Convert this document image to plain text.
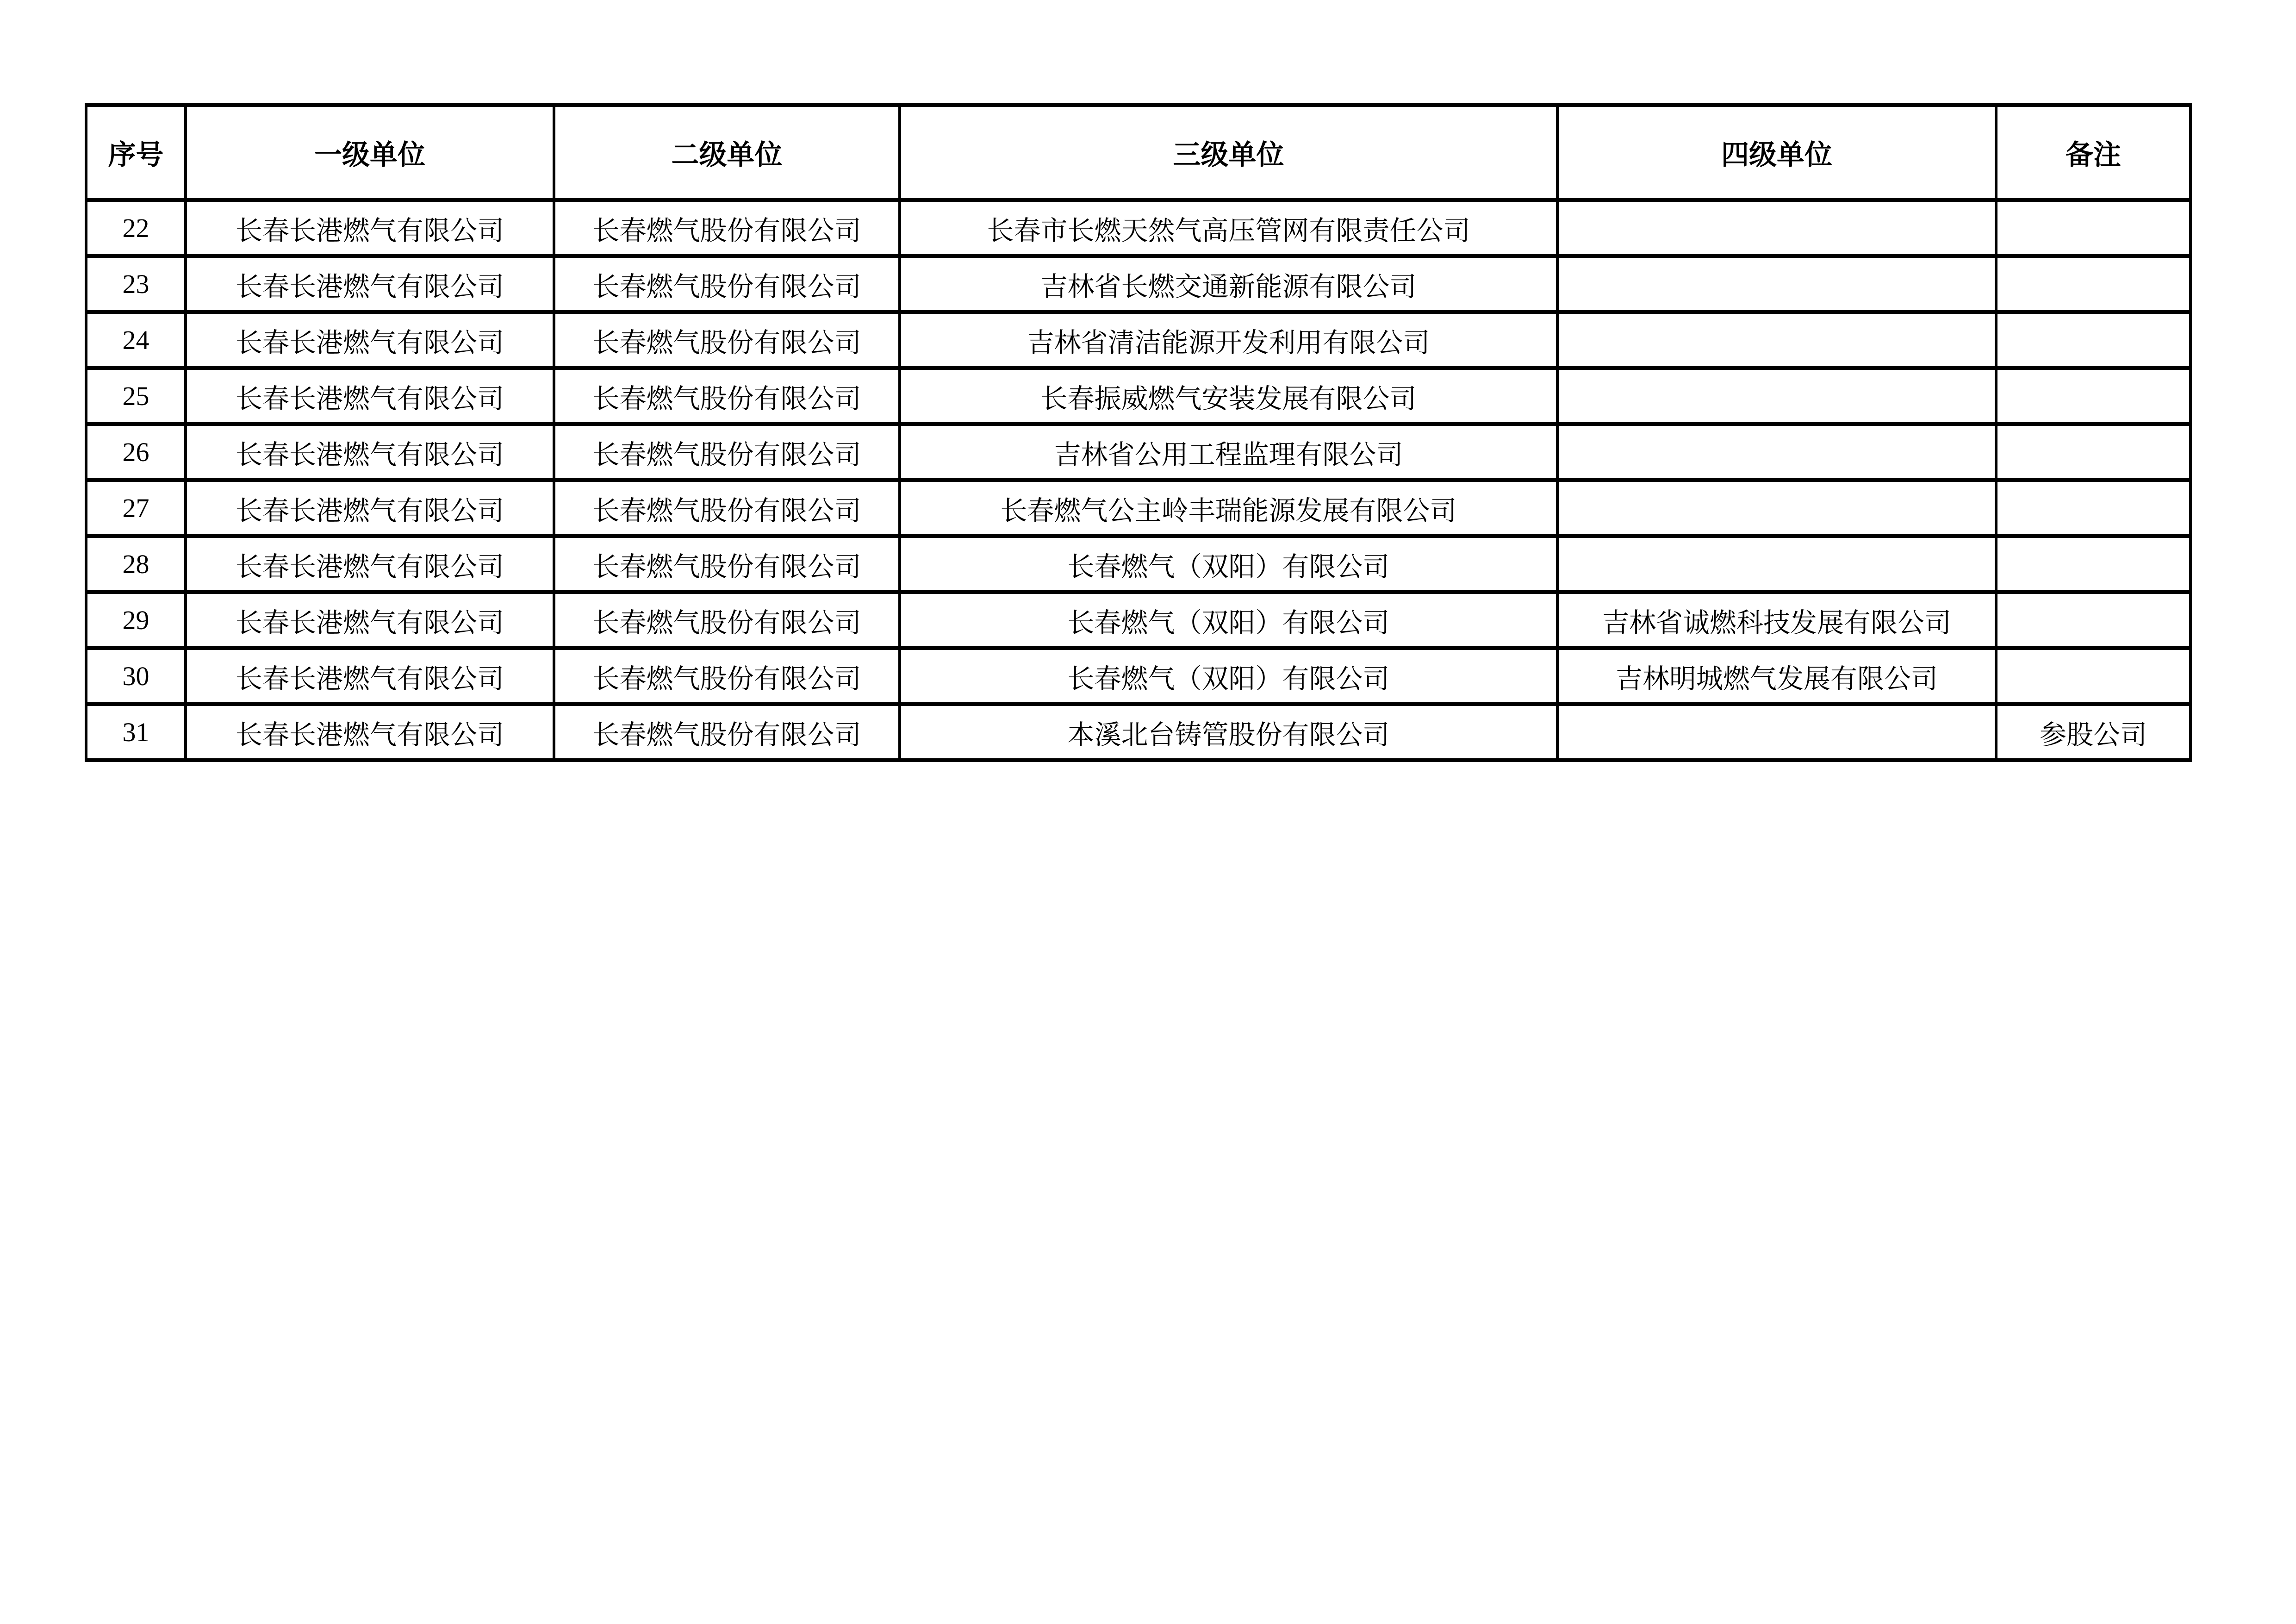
序号	一级单位	二级单位	三级单位	四级单位	备注
22	长春长港燃气有限公司	长春燃气股份有限公司	长春市长燃天然气高压管网有限责任公司		
23	长春长港燃气有限公司	长春燃气股份有限公司	吉林省长燃交通新能源有限公司		
24	长春长港燃气有限公司	长春燃气股份有限公司	吉林省清洁能源开发利用有限公司		
25	长春长港燃气有限公司	长春燃气股份有限公司	长春振威燃气安装发展有限公司		
26	长春长港燃气有限公司	长春燃气股份有限公司	吉林省公用工程监理有限公司		
27	长春长港燃气有限公司	长春燃气股份有限公司	长春燃气公主岭丰瑞能源发展有限公司		
28	长春长港燃气有限公司	长春燃气股份有限公司	长春燃气（双阳）有限公司		
29	长春长港燃气有限公司	长春燃气股份有限公司	长春燃气（双阳）有限公司	吉林省诚燃科技发展有限公司	
30	长春长港燃气有限公司	长春燃气股份有限公司	长春燃气（双阳）有限公司	吉林明城燃气发展有限公司	
31	长春长港燃气有限公司	长春燃气股份有限公司	本溪北台铸管股份有限公司		参股公司
